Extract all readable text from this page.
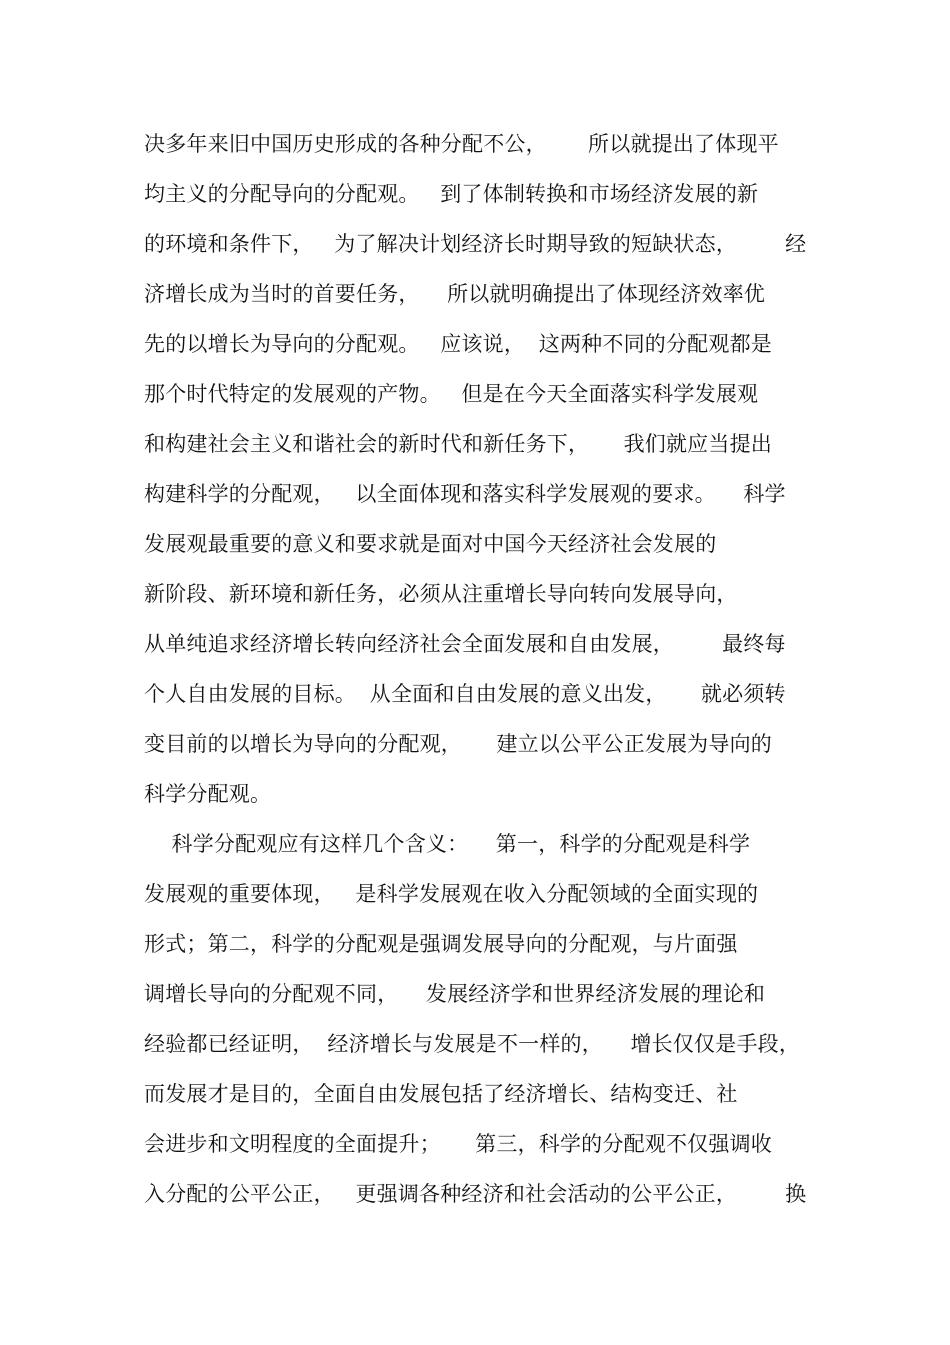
决多年来旧中国历史形成的各种分配不公，      所以就提出了体现平
均主义的分配导向的分配观。   到了体制转换和市场经济发展的新
的环境和条件下，   为了解决计划经济长时期导致的短缺状态，       经
济增长成为当时的首要任务，    所以就明确提出了体现经济效率优
先的以增长为导向的分配观。   应该说，  这两种不同的分配观都是
那个时代特定的发展观的产物。   但是在今天全面落实科学发展观
和构建社会主义和谐社会的新时代和新任务下，     我们就应当提出
构建科学的分配观，   以全面体现和落实科学发展观的要求。    科学
发展观最重要的意义和要求就是面对中国今天经济社会发展的
新阶段、新环境和新任务，必须从注重增长导向转向发展导向，
从单纯追求经济增长转向经济社会全面发展和自由发展，       最终每
个人自由发展的目标。  从全面和自由发展的意义出发，     就必须转
变目前的以增长为导向的分配观，     建立以公平公正发展为导向的
科学分配观。
科学分配观应有这样几个含义：    第一，科学的分配观是科学
发展观的重要体现，   是科学发展观在收入分配领域的全面实现的
形式；第二，科学的分配观是强调发展导向的分配观，与片面强
调增长导向的分配观不同，    发展经济学和世界经济发展的理论和
经验都已经证明，  经济增长与发展是不一样的，    增长仅仅是手段，
而发展才是目的，全面自由发展包括了经济增长、结构变迁、社
会进步和文明程度的全面提升；     第三，科学的分配观不仅强调收
入分配的公平公正，   更强调各种经济和社会活动的公平公正，       换
